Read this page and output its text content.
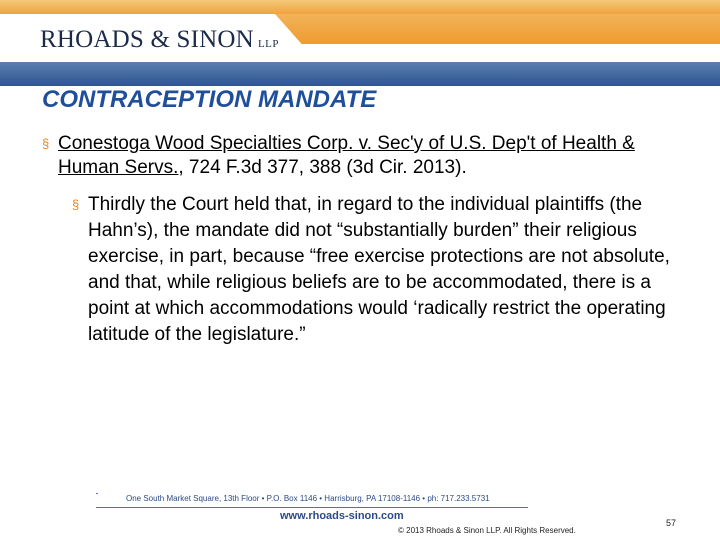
RHOADS & SINON LLP
CONTRACEPTION MANDATE
§ Conestoga Wood Specialties Corp. v. Sec'y of U.S. Dep't of Health & Human Servs., 724 F.3d 377, 388 (3d Cir. 2013).
§ Thirdly the Court held that, in regard to the individual plaintiffs (the Hahn’s), the mandate did not “substantially burden” their religious exercise, in part, because “free exercise protections are not absolute, and that, while religious beliefs are to be accommodated, there is a point at which accommodations would ‘radically restrict the operating latitude of the legislature.”
One South Market Square, 13th Floor • P.O. Box 1146 • Harrisburg, PA 17108-1146 • ph: 717.233.5731
www.rhoads-sinon.com
© 2013 Rhoads & Sinon LLP. All Rights Reserved.
57
